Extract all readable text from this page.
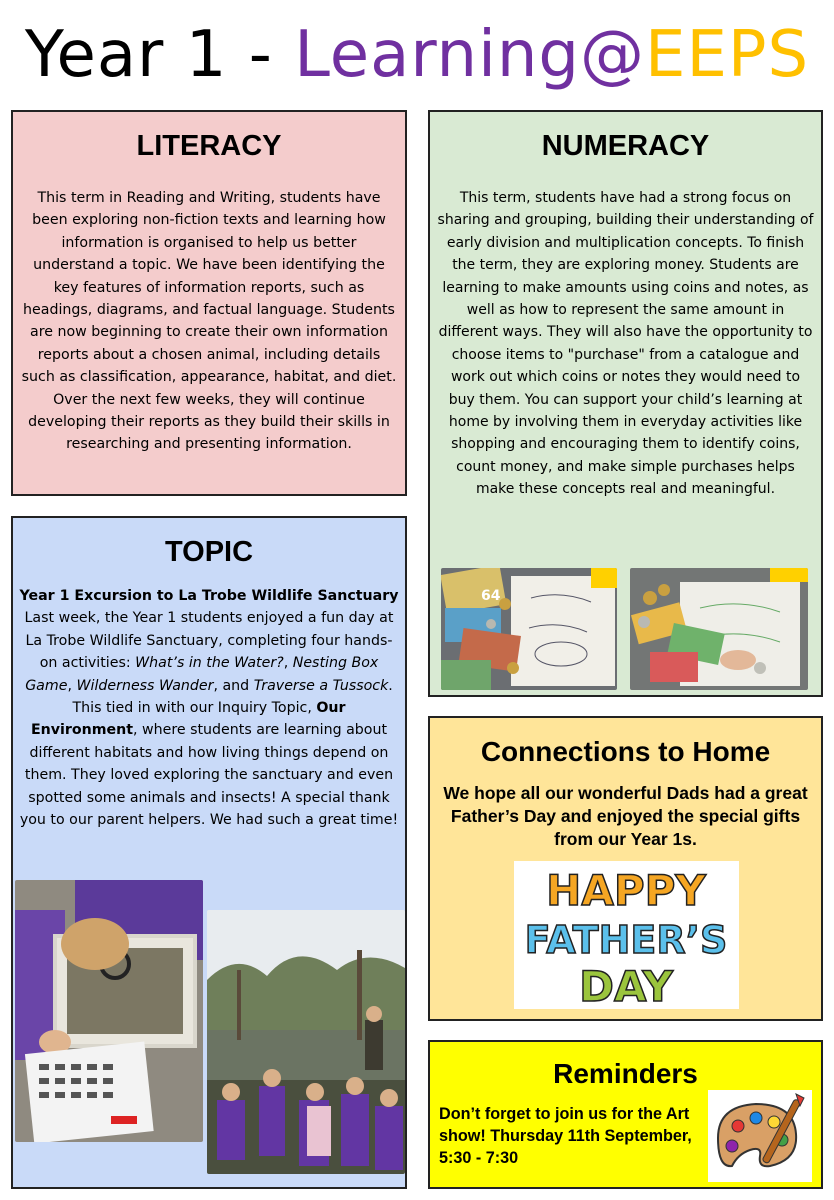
Year 1 - Learning@EEPS
LITERACY

This term in Reading and Writing, students have been exploring non-fiction texts and learning how information is organised to help us better understand a topic. We have been identifying the key features of information reports, such as headings, diagrams, and factual language. Students are now beginning to create their own information reports about a chosen animal, including details such as classification, appearance, habitat, and diet. Over the next few weeks, they will continue developing their reports as they build their skills in researching and presenting information.

NUMERACY

This term, students have had a strong focus on sharing and grouping, building their understanding of early division and multiplication concepts. To finish the term, they are exploring money. Students are learning to make amounts using coins and notes, as well as how to represent the same amount in different ways. They will also have the opportunity to choose items to "purchase" from a catalogue and work out which coins or notes they would need to buy them. You can support your child’s learning at home by involving them in everyday activities like shopping and encouraging them to identify coins, count money, and make simple purchases helps make these concepts real and meaningful.

64
TOPIC

Year 1 Excursion to La Trobe Wildlife Sanctuary
Last week, the Year 1 students enjoyed a fun day at La Trobe Wildlife Sanctuary, completing four hands-on activities: What’s in the Water?, Nesting Box Game, Wilderness Wander, and Traverse a Tussock. This tied in with our Inquiry Topic, Our Environment, where students are learning about different habitats and how living things depend on them. They loved exploring the sanctuary and even spotted some animals and insects! A special thank you to our parent helpers. We had such a great time!

Connections to Home

We hope all our wonderful Dads had a great Father’s Day and enjoyed the special gifts from our Year 1s.

HAPPY
FATHER’S
DAY
Reminders

Don’t forget to join us for the Art show! Thursday 11th September, 5:30 - 7:30
